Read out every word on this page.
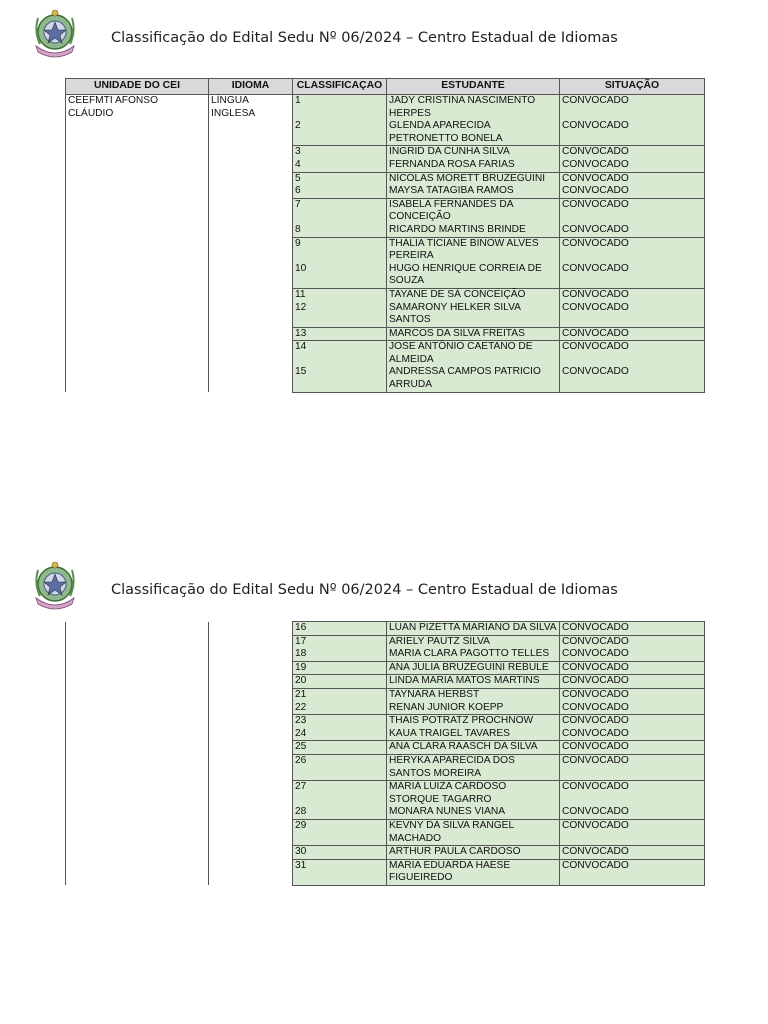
Classificação do Edital Sedu Nº 06/2024 – Centro Estadual de Idiomas
UNIDADE DO CEI	IDIOMA	CLASSIFICAÇAO	ESTUDANTE	SITUAÇÃO
CEEFMTI AFONSO CLÁUDIO	LÍNGUA INGLESA	1	JADY CRISTINA NASCIMENTO HERPES	CONVOCADO
		2	GLENDA APARECIDA PETRONETTO BONELA	CONVOCADO
		3	INGRID DA CUNHA SILVA	CONVOCADO
		4	FERNANDA ROSA FARIAS	CONVOCADO
		5	NÍCOLAS MORETT BRUZEGUINI	CONVOCADO
		6	MAYSA TATAGIBA RAMOS	CONVOCADO
		7	ISABELA FERNANDES DA CONCEIÇÃO	CONVOCADO
		8	RICARDO MARTINS BRINDE	CONVOCADO
		9	THALIA TICIANE BINOW ALVES PEREIRA	CONVOCADO
		10	HUGO HENRIQUE CORREIA DE SOUZA	CONVOCADO
		11	TAYANE DE SÁ CONCEIÇÃO	CONVOCADO
		12	SAMARONY HELKER SILVA SANTOS	CONVOCADO
		13	MARCOS DA SILVA FREITAS	CONVOCADO
		14	JOSE ANTÔNIO CAETANO DE ALMEIDA	CONVOCADO
		15	ANDRESSA CAMPOS PATRICIO ARRUDA	CONVOCADO
Classificação do Edital Sedu Nº 06/2024 – Centro Estadual de Idiomas
		16	LUAN PIZETTA MARIANO DA SILVA	CONVOCADO
		17	ARIELY PAUTZ SILVA	CONVOCADO
		18	MARIA CLARA PAGOTTO TELLES	CONVOCADO
		19	ANA JULIA BRUZEGUINI REBULE	CONVOCADO
		20	LINDA MARIA MATOS MARTINS	CONVOCADO
		21	TAYNARA HERBST	CONVOCADO
		22	RENAN JUNIOR KOEPP	CONVOCADO
		23	THAIS POTRATZ PROCHNOW	CONVOCADO
		24	KAUA TRAIGEL TAVARES	CONVOCADO
		25	ANA CLARA RAASCH DA SILVA	CONVOCADO
		26	HÉRYKA APARECIDA DOS SANTOS MOREIRA	CONVOCADO
		27	MARIA LUIZA CARDOSO STORQUE TAGARRO	CONVOCADO
		28	MONARA NUNES VIANA	CONVOCADO
		29	KEVNY DA SILVA RANGEL MACHADO	CONVOCADO
		30	ARTHUR PAULA CARDOSO	CONVOCADO
		31	MARIA EDUARDA HAESE FIGUEIREDO	CONVOCADO
